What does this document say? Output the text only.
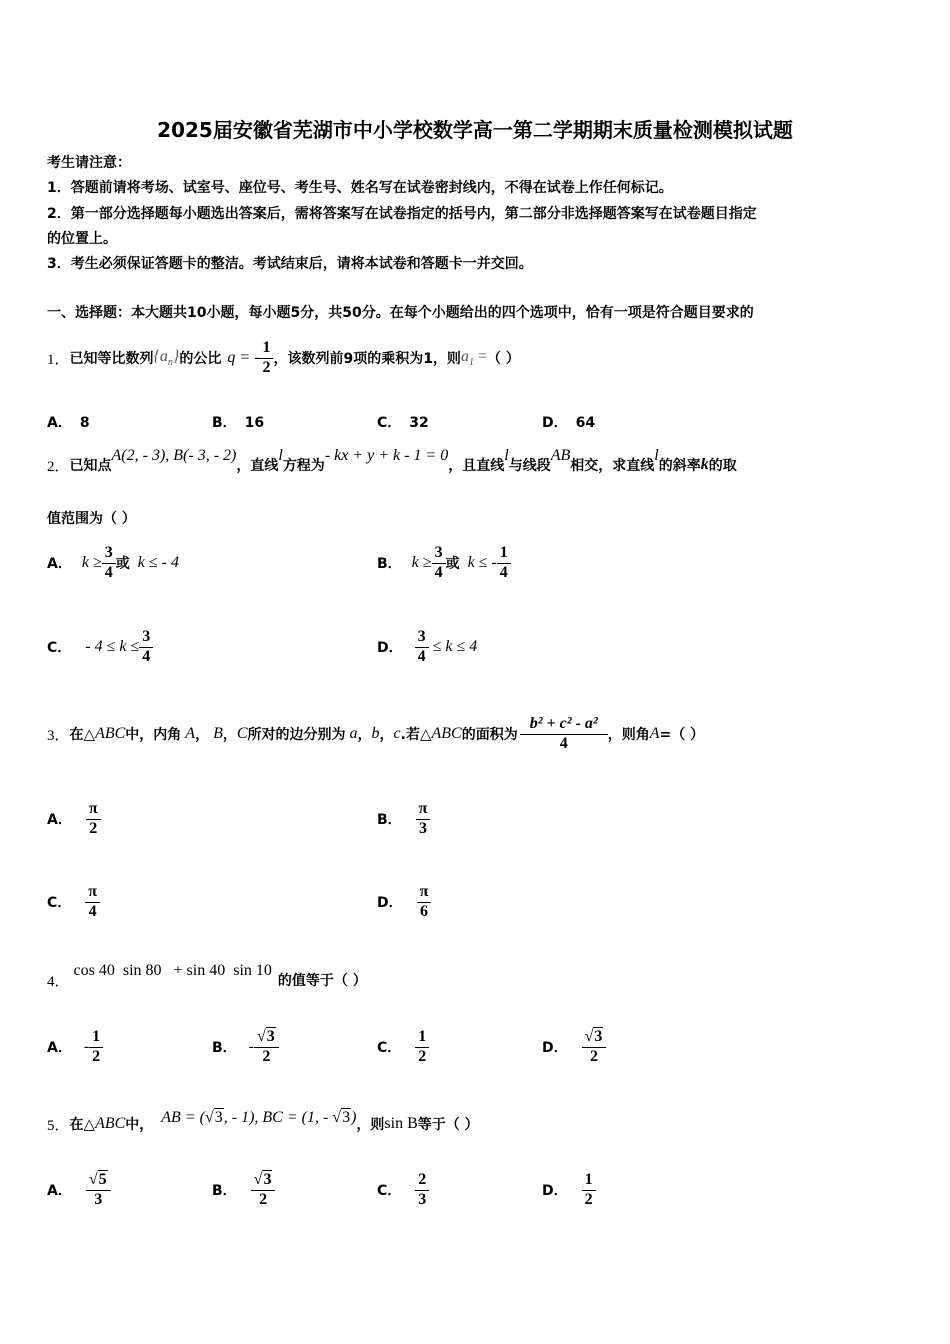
2025届安徽省芜湖市中小学校数学高一第二学期期末质量检测模拟试题
考生请注意：
1．答题前请将考场、试室号、座位号、考生号、姓名写在试卷密封线内，不得在试卷上作任何标记。
2．第一部分选择题每小题选出答案后，需将答案写在试卷指定的括号内，第二部分非选择题答案写在试卷题目指定
的位置上。
3．考生必须保证答题卡的整洁。考试结束后，请将本试卷和答题卡一并交回。
一、选择题：本大题共10小题，每小题5分，共50分。在每个小题给出的四个选项中，恰有一项是符合题目要求的
1． 已知等比数列 $\{a_n\}$ 的公比 q = - $\frac{1}{2}$ ，该数列前9项的乘积为1，则 $a_1$ = （ ）
A． 8	B． 16	C． 32	D． 64
2． 已知点
A(2, - 3), B(- 3, - 2)
，直线
l
方程为
- kx + y + k - 1 = 0
，且直线
l
与线段
AB
相交，求直线
l
的斜率 k 的取
值范围为（ ）
A． $k \ge \frac{3}{4}$ 或 k ≤ - 4	B． $k \ge \frac{3}{4}$ 或 k ≤ - $\frac{1}{4}$
C． - $4 \le k \le \frac{3}{4}$	D． $\frac{3}{4} \le k \le 4$
3． 在 △ ABC 中，内角 A ， B ， C 所对的边分别为 a ， b ， c .若 △ ABC 的面积为 $\frac{\text{b² + c² - a²}}{4}$ ，则角 A =（ ）
A． $\frac{\pi}{2}$	B． $\frac{\pi}{3}$
C． $\frac{\pi}{4}$	D． $\frac{\pi}{6}$
4．
cos 40  sin 80   + sin 40  sin 10
的值等于（ ）
A． - $\frac{1}{2}$	B． - $\frac{√3}{2}$	C． $\frac{1}{2}$	D． $\frac{√3}{2}$
5． 在 △ ABC 中， AB = (√3, - 1), BC = (1, - √3) ，则 sin B 等于（ ）
A． $\frac{√5}{3}$	B． $\frac{√3}{2}$	C． $\frac{2}{3}$	D． $\frac{1}{2}$
